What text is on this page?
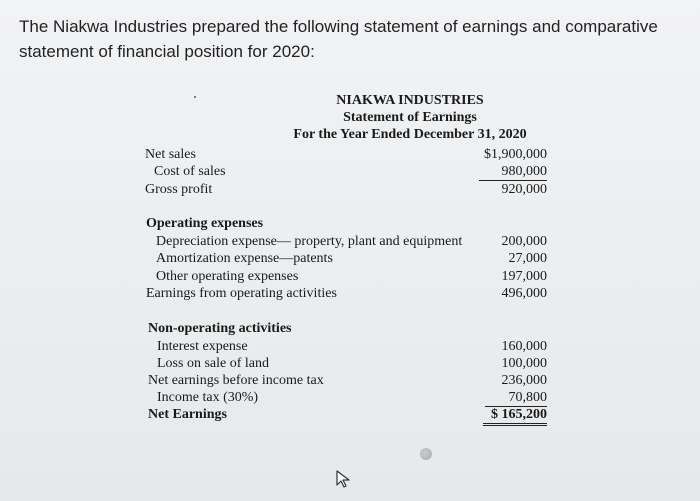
The Niakwa Industries prepared the following statement of earnings and comparative statement of financial position for 2020:

NIAKWA INDUSTRIES
Statement of Earnings
For the Year Ended December 31, 2020
Net sales	$1,900,000
Cost of sales	980,000
Gross profit	920,000
Operating expenses
Depreciation expense— property, plant and equipment	200,000
Amortization expense—patents	27,000
Other operating expenses	197,000
Earnings from operating activities	496,000
Non-operating activities
Interest expense	160,000
Loss on sale of land	100,000
Net earnings before income tax	236,000
Income tax (30%)	70,800
Net Earnings	$ 165,200
